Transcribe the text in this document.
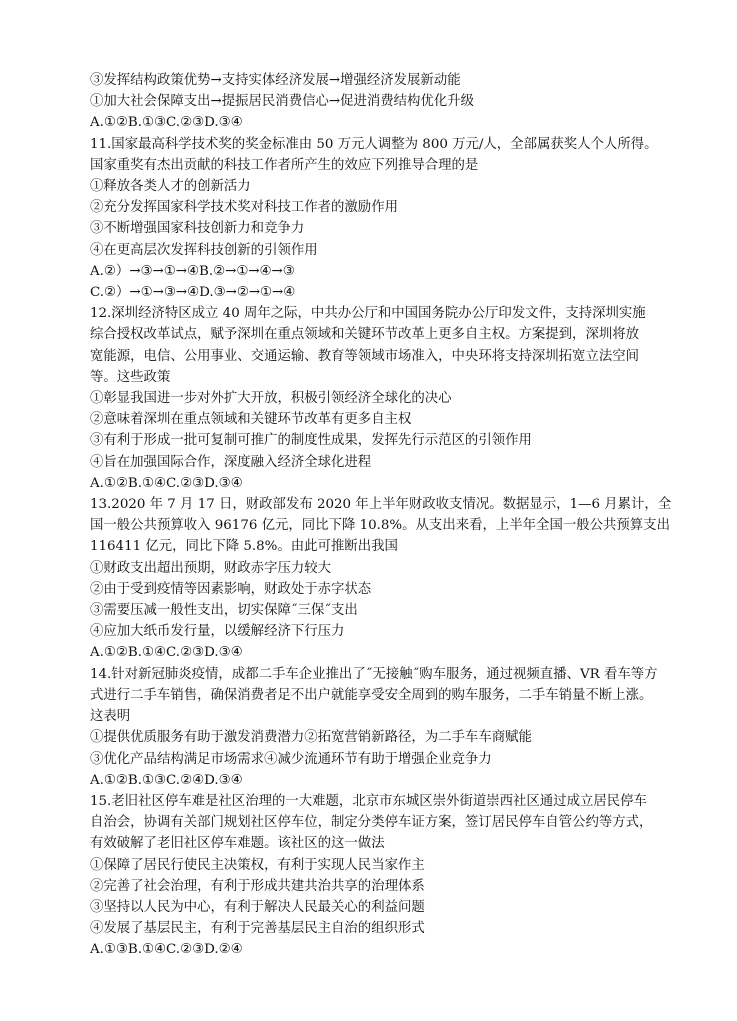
③发挥结构政策优势→支持实体经济发展→增强经济发展新动能

①加大社会保障支出→提振居民消费信心→促进消费结构优化升级

A.①②B.①③C.②③D.③④

11.国家最高科学技术奖的奖金标准由 50 万元人调整为 800 万元/人，全部属获奖人个人所得。

国家重奖有杰出贡献的科技工作者所产生的效应下列推导合理的是

①释放各类人才的创新活力

②充分发挥国家科学技术奖对科技工作者的激励作用

③不断增强国家科技创新力和竞争力

④在更高层次发挥科技创新的引领作用

A.②）→③→①→④B.②→①→④→③

C.②）→①→③→④D.③→②→①→④

12.深圳经济特区成立 40 周年之际，中共办公厅和中国国务院办公厅印发文件，支持深圳实施

综合授权改革试点，赋予深圳在重点领域和关键环节改革上更多自主权。方案提到，深圳将放

宽能源，电信、公用事业、交通运输、教育等领域市场准入，中央环将支持深圳拓宽立法空间

等。这些政策

①彰显我国进一步对外扩大开放，积极引领经济全球化的决心

②意味着深圳在重点领域和关键环节改革有更多自主权

③有利于形成一批可复制可推广的制度性成果，发挥先行示范区的引领作用

④旨在加强国际合作，深度融入经济全球化进程

A.①②B.①④C.②③D.③④

13.2020 年 7 月 17 日，财政部发布 2020 年上半年财政收支情况。数据显示，1—6 月累计，全

国一般公共预算收入 96176 亿元，同比下降 10.8%。从支出来看，上半年全国一般公共预算支出

116411 亿元，同比下降 5.8%。由此可推断出我国

①财政支出超出预期，财政赤字压力较大

②由于受到疫情等因素影响，财政处于赤字状态

③需要压减一般性支出，切实保障˝三保˝支出

④应加大纸币发行量，以缓解经济下行压力

A.①②B.①④C.②③D.③④

14.针对新冠肺炎疫情，成都二手车企业推出了˝无接触˝购车服务，通过视频直播、VR 看车等方

式进行二手车销售，确保消费者足不出户就能享受安全周到的购车服务，二手车销量不断上涨。

这表明

①提供优质服务有助于激发消费潜力②拓宽营销新路径，为二手车车商赋能

③优化产品结构满足市场需求④减少流通环节有助于增强企业竞争力

A.①②B.①③C.②④D.③④

15.老旧社区停车难是社区治理的一大难题，北京市东城区崇外街道崇西社区通过成立居民停车

自治会，协调有关部门规划社区停车位，制定分类停车证方案，签订居民停车自管公约等方式，

有效破解了老旧社区停车难题。该社区的这一做法

①保障了居民行使民主决策权，有利于实现人民当家作主

②完善了社会治理，有利于形成共建共治共享的治理体系

③坚持以人民为中心，有利于解决人民最关心的利益问题

④发展了基层民主，有利于完善基层民主自治的组织形式

A.①③B.①④C.②③D.②④
